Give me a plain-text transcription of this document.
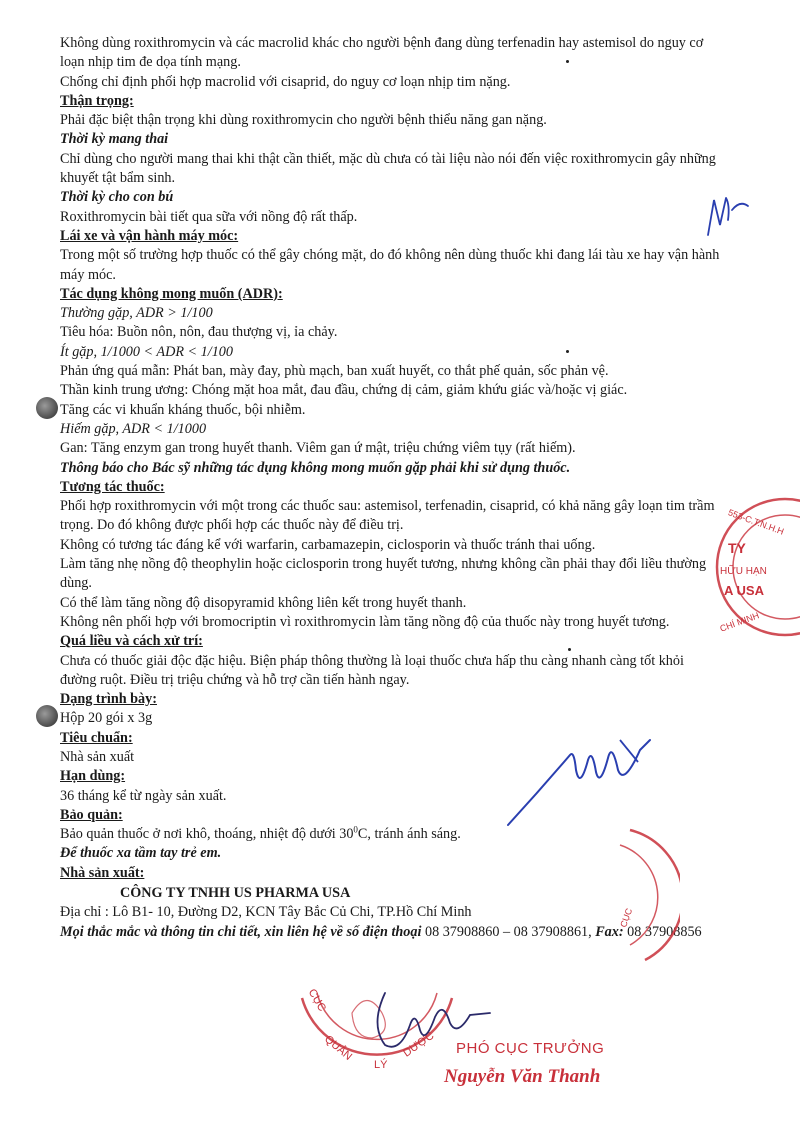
Không dùng roxithromycin và các macrolid khác cho người bệnh đang dùng terfenadin hay astemisol do nguy cơ loạn nhịp tim đe dọa tính mạng.
Chống chỉ định phối hợp macrolid với cisaprid, do nguy cơ loạn nhịp tim nặng.
Thận trọng:
Phải đặc biệt thận trọng khi dùng roxithromycin cho người bệnh thiểu năng gan nặng.
Thời kỳ mang thai
Chỉ dùng cho người mang thai khi thật cần thiết, mặc dù chưa có tài liệu nào nói đến việc roxithromycin gây những khuyết tật bẩm sinh.
Thời kỳ cho con bú
Roxithromycin bài tiết qua sữa với nồng độ rất thấp.
Lái xe và vận hành máy móc:
Trong một số trường hợp thuốc có thể gây chóng mặt, do đó không nên dùng thuốc khi đang lái tàu xe hay vận hành máy móc.
Tác dụng không mong muốn (ADR):
Thường gặp, ADR > 1/100
Tiêu hóa: Buồn nôn, nôn, đau thượng vị, ỉa chảy.
Ít gặp, 1/1000 < ADR < 1/100
Phản ứng quá mẫn: Phát ban, mày đay, phù mạch, ban xuất huyết, co thắt phế quản, sốc phản vệ.
Thần kinh trung ương: Chóng mặt hoa mắt, đau đầu, chứng dị cảm, giảm khứu giác và/hoặc vị giác.
Tăng các vi khuẩn kháng thuốc, bội nhiễm.
Hiếm gặp, ADR < 1/1000
Gan: Tăng enzym gan trong huyết thanh. Viêm gan ứ mật, triệu chứng viêm tụy (rất hiếm).
Thông báo cho Bác sỹ những tác dụng không mong muốn gặp phải khi sử dụng thuốc.
Tương tác thuốc:
Phối hợp roxithromycin với một trong các thuốc sau: astemisol, terfenadin, cisaprid, có khả năng gây loạn tim trầm trọng. Do đó không được phối hợp các thuốc này để điều trị.
Không có tương tác đáng kể với warfarin, carbamazepin, ciclosporin và thuốc tránh thai uống.
Làm tăng nhẹ nồng độ theophylin hoặc ciclosporin trong huyết tương, nhưng không cần phải thay đổi liều thường dùng.
Có thể làm tăng nồng độ disopyramid không liên kết trong huyết thanh.
Không nên phối hợp với bromocriptin vì roxithromycin làm tăng nồng độ của thuốc này trong huyết tương.
Quá liều và cách xử trí:
Chưa có thuốc giải độc đặc hiệu. Biện pháp thông thường là loại thuốc chưa hấp thu càng nhanh càng tốt khỏi đường ruột. Điều trị triệu chứng và hỗ trợ cần tiến hành ngay.
Dạng trình bày:
Hộp 20 gói x 3g
Tiêu chuẩn:
Nhà sản xuất
Hạn dùng:
36 tháng kể từ ngày sản xuất.
Bảo quản:
Bảo quản thuốc ở nơi khô, thoáng, nhiệt độ dưới $30^0C$, tránh ánh sáng.
Để thuốc xa tầm tay trẻ em.
Nhà sản xuất:
CÔNG TY TNHH US PHARMA USA
Địa chỉ : Lô B1- 10, Đường D2, KCN Tây Bắc Củ Chi, TP.Hồ Chí Minh
Mọi thắc mắc và thông tin chi tiết, xin liên hệ về số điện thoại 08 37908860 – 08 37908861, Fax: 08 37908856
TY
HỮU HẠN
A USA
553-C.T.N.H.H
CHÍ MINH
CỤC
CỤC
QUẢN
LÝ
DƯỢC PHÓ CỤC TRƯỞNG
Nguyễn Văn Thanh
